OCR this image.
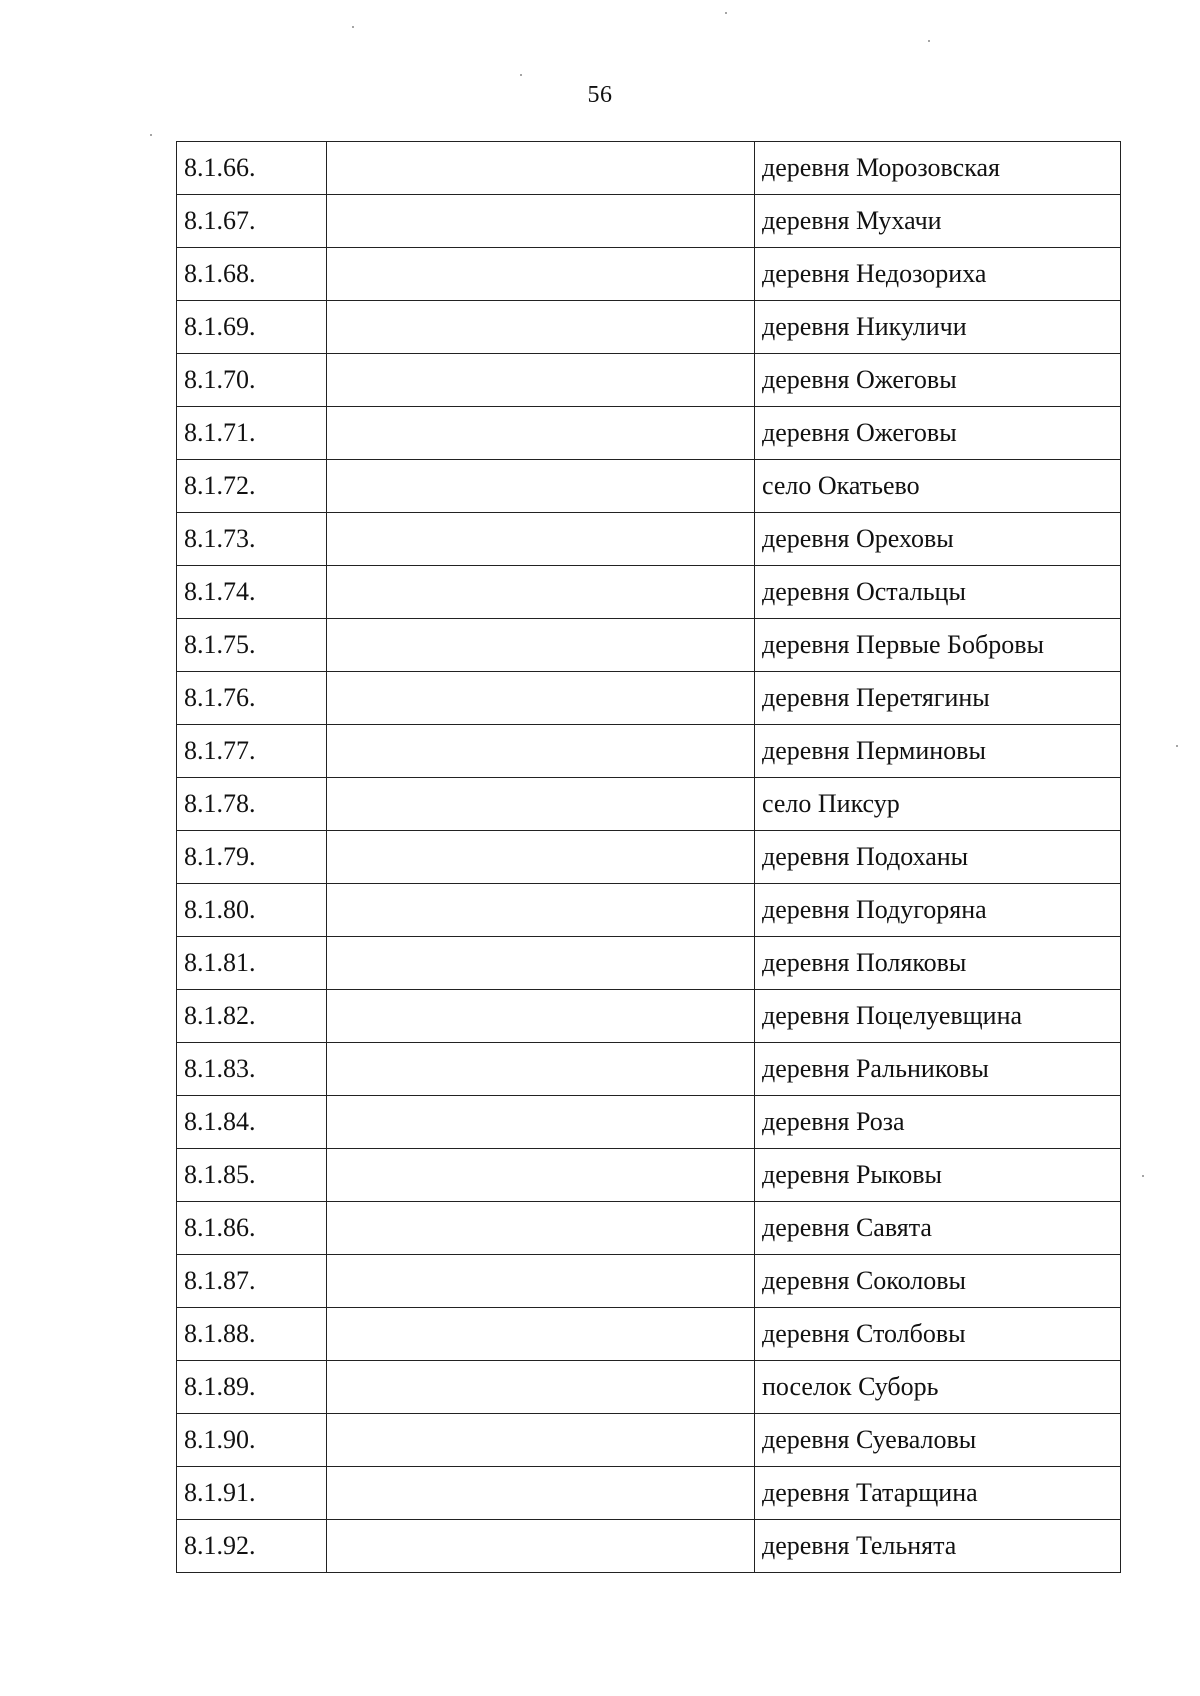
56
8.1.66.		деревня Морозовская
8.1.67.		деревня Мухачи
8.1.68.		деревня Недозориха
8.1.69.		деревня Никуличи
8.1.70.		деревня Ожеговы
8.1.71.		деревня Ожеговы
8.1.72.		село Окатьево
8.1.73.		деревня Ореховы
8.1.74.		деревня Остальцы
8.1.75.		деревня Первые Бобровы
8.1.76.		деревня Перетягины
8.1.77.		деревня Перминовы
8.1.78.		село Пиксур
8.1.79.		деревня Подоханы
8.1.80.		деревня Подугоряна
8.1.81.		деревня Поляковы
8.1.82.		деревня Поцелуевщина
8.1.83.		деревня Ральниковы
8.1.84.		деревня Роза
8.1.85.		деревня Рыковы
8.1.86.		деревня Савята
8.1.87.		деревня Соколовы
8.1.88.		деревня Столбовы
8.1.89.		поселок Суборь
8.1.90.		деревня Суеваловы
8.1.91.		деревня Татарщина
8.1.92.		деревня Тельнята
